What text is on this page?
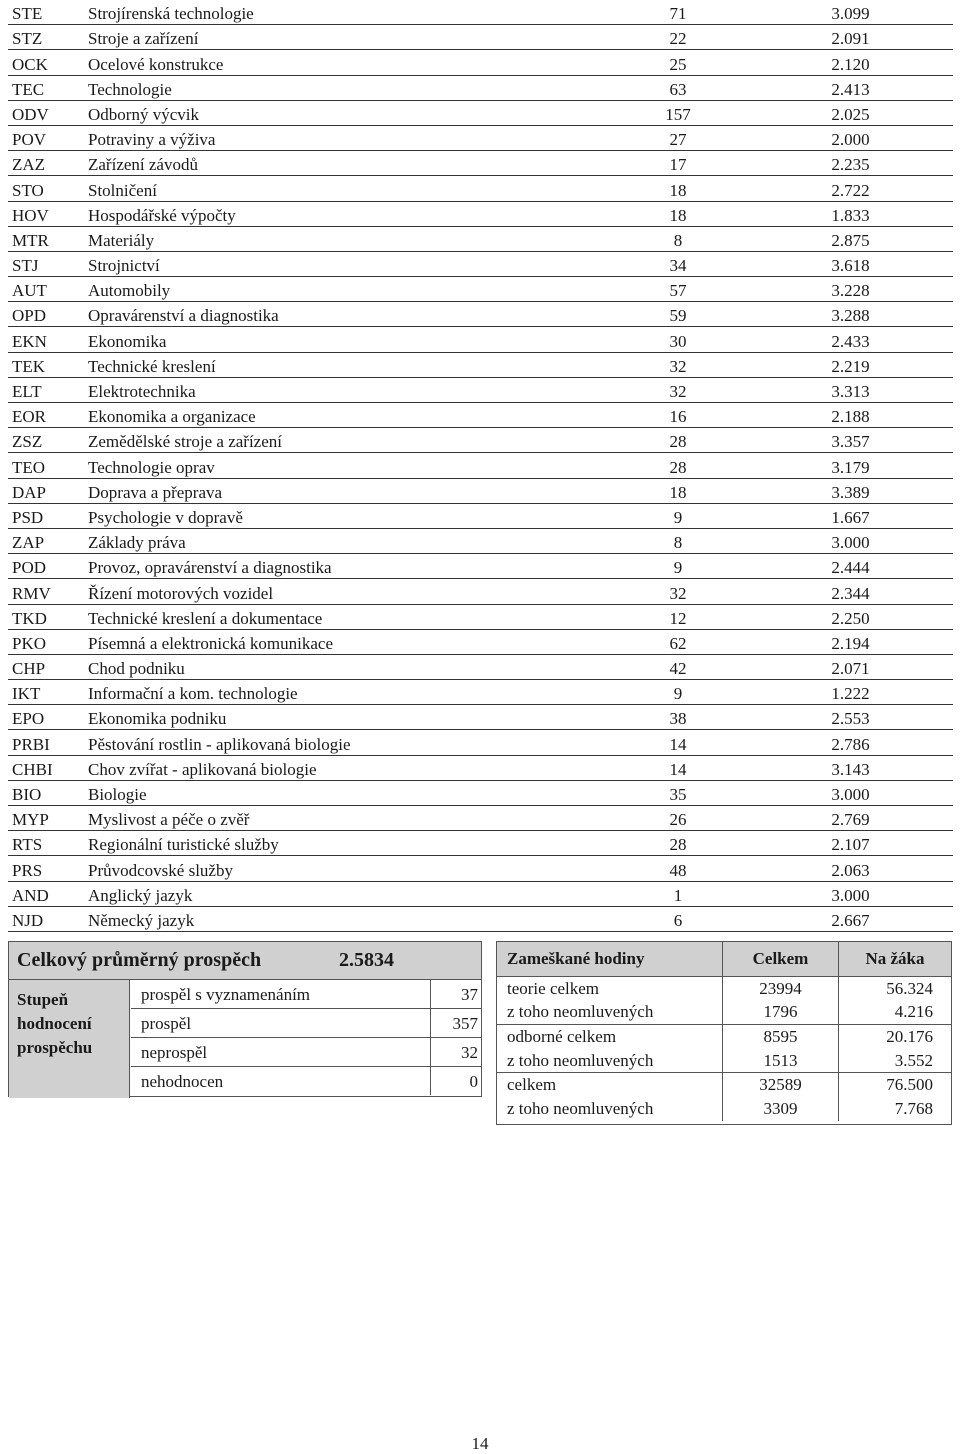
STE	Strojírenská technologie	71	3.099
STZ	Stroje a zařízení	22	2.091
OCK	Ocelové konstrukce	25	2.120
TEC	Technologie	63	2.413
ODV	Odborný výcvik	157	2.025
POV	Potraviny a výživa	27	2.000
ZAZ	Zařízení závodů	17	2.235
STO	Stolničení	18	2.722
HOV	Hospodářské výpočty	18	1.833
MTR	Materiály	8	2.875
STJ	Strojnictví	34	3.618
AUT	Automobily	57	3.228
OPD	Opravárenství a diagnostika	59	3.288
EKN	Ekonomika	30	2.433
TEK	Technické kreslení	32	2.219
ELT	Elektrotechnika	32	3.313
EOR	Ekonomika a organizace	16	2.188
ZSZ	Zemědělské stroje a zařízení	28	3.357
TEO	Technologie oprav	28	3.179
DAP	Doprava a přeprava	18	3.389
PSD	Psychologie v dopravě	9	1.667
ZAP	Základy práva	8	3.000
POD	Provoz, opravárenství a diagnostika	9	2.444
RMV	Řízení motorových vozidel	32	2.344
TKD	Technické kreslení a dokumentace	12	2.250
PKO	Písemná a elektronická komunikace	62	2.194
CHP	Chod podniku	42	2.071
IKT	Informační a kom. technologie	9	1.222
EPO	Ekonomika podniku	38	2.553
PRBI	Pěstování rostlin - aplikovaná biologie	14	2.786
CHBI	Chov zvířat - aplikovaná biologie	14	3.143
BIO	Biologie	35	3.000
MYP	Myslivost a péče o zvěř	26	2.769
RTS	Regionální turistické služby	28	2.107
PRS	Průvodcovské služby	48	2.063
AND	Anglický jazyk	1	3.000
NJD	Německý jazyk	6	2.667
Celkový průměrný prospěch	2.5834
Stupeň
hodnocení
prospěchu
prospěl s vyznamenáním	37
prospěl	357
neprospěl	32
nehodnocen	0
Zameškané hodiny	Celkem	Na žáka
teorie celkem	23994	56.324
z toho neomluvených	1796	4.216
odborné celkem	8595	20.176
z toho neomluvených	1513	3.552
celkem	32589	76.500
z toho neomluvených	3309	7.768
14
